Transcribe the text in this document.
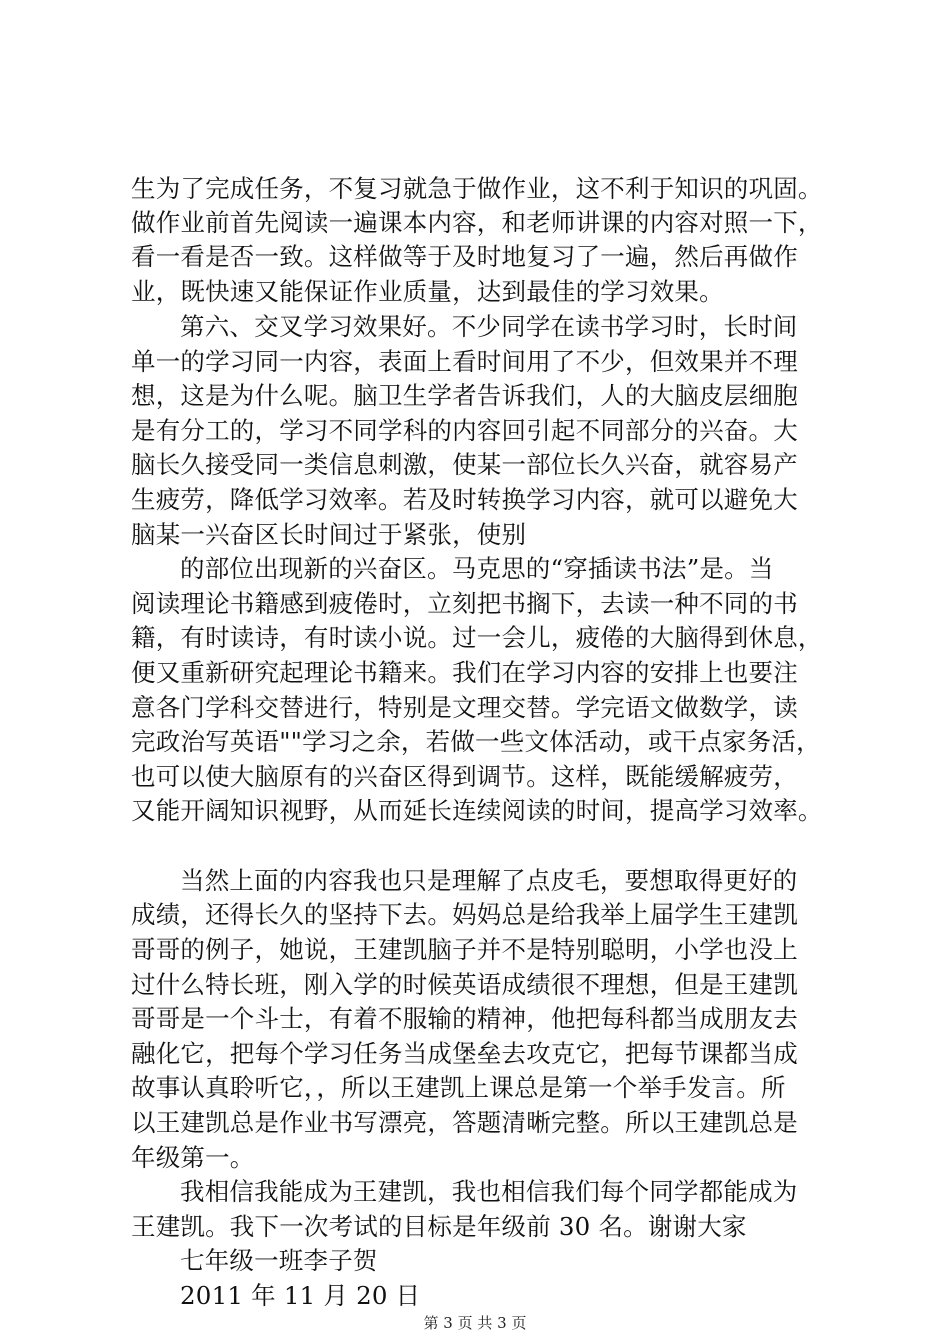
生为了完成任务，不复习就急于做作业，这不利于知识的巩固。
做作业前首先阅读一遍课本内容，和老师讲课的内容对照一下，
看一看是否一致。这样做等于及时地复习了一遍，然后再做作
业，既快速又能保证作业质量，达到最佳的学习效果。
第六、交叉学习效果好。不少同学在读书学习时，长时间
单一的学习同一内容，表面上看时间用了不少，但效果并不理
想，这是为什么呢。脑卫生学者告诉我们，人的大脑皮层细胞
是有分工的，学习不同学科的内容回引起不同部分的兴奋。大
脑长久接受同一类信息刺激，使某一部位长久兴奋，就容易产
生疲劳，降低学习效率。若及时转换学习内容，就可以避免大
脑某一兴奋区长时间过于紧张，使别
的部位出现新的兴奋区。马克思的“穿插读书法”是。当
阅读理论书籍感到疲倦时，立刻把书搁下，去读一种不同的书
籍，有时读诗，有时读小说。过一会儿，疲倦的大脑得到休息，
便又重新研究起理论书籍来。我们在学习内容的安排上也要注
意各门学科交替进行，特别是文理交替。学完语文做数学，读
完政治写英语""学习之余，若做一些文体活动，或干点家务活，
也可以使大脑原有的兴奋区得到调节。这样，既能缓解疲劳，
又能开阔知识视野，从而延长连续阅读的时间，提高学习效率。
当然上面的内容我也只是理解了点皮毛，要想取得更好的
成绩，还得长久的坚持下去。妈妈总是给我举上届学生王建凯
哥哥的例子，她说，王建凯脑子并不是特别聪明，小学也没上
过什么特长班，刚入学的时候英语成绩很不理想，但是王建凯
哥哥是一个斗士，有着不服输的精神，他把每科都当成朋友去
融化它，把每个学习任务当成堡垒去攻克它，把每节课都当成
故事认真聆听它，，所以王建凯上课总是第一个举手发言。所
以王建凯总是作业书写漂亮，答题清晰完整。所以王建凯总是
年级第一。
我相信我能成为王建凯，我也相信我们每个同学都能成为
王建凯。我下一次考试的目标是年级前 30 名。谢谢大家
七年级一班李子贺
2011 年 11 月 20 日
第 3 页 共 3 页
